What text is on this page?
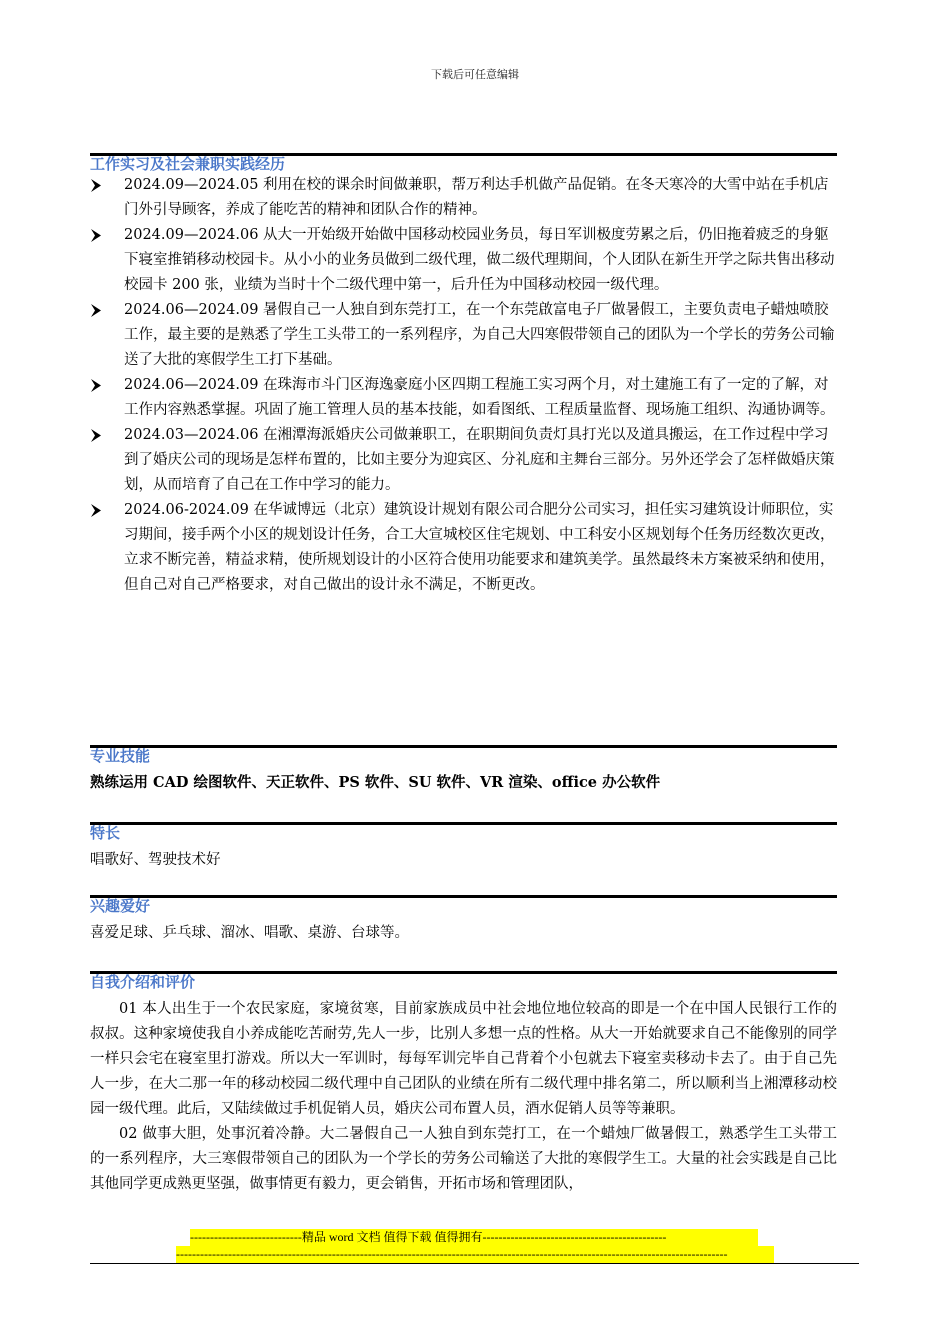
下载后可任意编辑
工作实习及社会兼职实践经历
2024.09—2024.05 利用在校的课余时间做兼职，帮万利达手机做产品促销。在冬天寒冷的大雪中站在手机店门外引导顾客，养成了能吃苦的精神和团队合作的精神。
2024.09—2024.06 从大一开始级开始做中国移动校园业务员，每日军训极度劳累之后，仍旧拖着疲乏的身躯下寝室推销移动校园卡。从小小的业务员做到二级代理，做二级代理期间，个人团队在新生开学之际共售出移动校园卡 200 张，业绩为当时十个二级代理中第一，后升任为中国移动校园一级代理。
2024.06—2024.09 暑假自己一人独自到东莞打工，在一个东莞啟富电子厂做暑假工，主要负责电子蜡烛喷胶工作，最主要的是熟悉了学生工头带工的一系列程序，为自己大四寒假带领自己的团队为一个学长的劳务公司输送了大批的寒假学生工打下基础。
2024.06—2024.09 在珠海市斗门区海逸豪庭小区四期工程施工实习两个月，对土建施工有了一定的了解，对工作内容熟悉掌握。巩固了施工管理人员的基本技能，如看图纸、工程质量监督、现场施工组织、沟通协调等。
2024.03—2024.06 在湘潭海派婚庆公司做兼职工，在职期间负责灯具打光以及道具搬运，在工作过程中学习到了婚庆公司的现场是怎样布置的，比如主要分为迎宾区、分礼庭和主舞台三部分。另外还学会了怎样做婚庆策划，从而培育了自己在工作中学习的能力。
2024.06-2024.09 在华诚博远（北京）建筑设计规划有限公司合肥分公司实习，担任实习建筑设计师职位，实习期间，接手两个小区的规划设计任务，合工大宣城校区住宅规划、中工科安小区规划每个任务历经数次更改，立求不断完善，精益求精，使所规划设计的小区符合使用功能要求和建筑美学。虽然最终未方案被采纳和使用，但自己对自己严格要求，对自己做出的设计永不满足，不断更改。
专业技能
熟练运用 CAD 绘图软件、天正软件、PS 软件、SU 软件、VR 渲染、office 办公软件
特长
唱歌好、驾驶技术好
兴趣爱好
喜爱足球、乒乓球、溜冰、唱歌、桌游、台球等。
自我介绍和评价

01 本人出生于一个农民家庭，家境贫寒，目前家族成员中社会地位地位较高的即是一个在中国人民银行工作的叔叔。这种家境使我自小养成能吃苦耐劳,先人一步，比别人多想一点的性格。从大一开始就要求自己不能像别的同学一样只会宅在寝室里打游戏。所以大一军训时，每每军训完毕自己背着个小包就去下寝室卖移动卡去了。由于自己先人一步，在大二那一年的移动校园二级代理中自己团队的业绩在所有二级代理中排名第二，所以顺利当上湘潭移动校园一级代理。此后，又陆续做过手机促销人员，婚庆公司布置人员，酒水促销人员等等兼职。

02 做事大胆，处事沉着冷静。大二暑假自己一人独自到东莞打工，在一个蜡烛厂做暑假工，熟悉学生工头带工的一系列程序，大三寒假带领自己的团队为一个学长的劳务公司输送了大批的寒假学生工。大量的社会实践是自己比其他同学更成熟更坚强，做事情更有毅力，更会销售，开拓市场和管理团队，

----------------------------精品 word 文档 值得下载 值得拥有----------------------------------------------
------------------------------------------------------------------------------------------------------------------------------------------
